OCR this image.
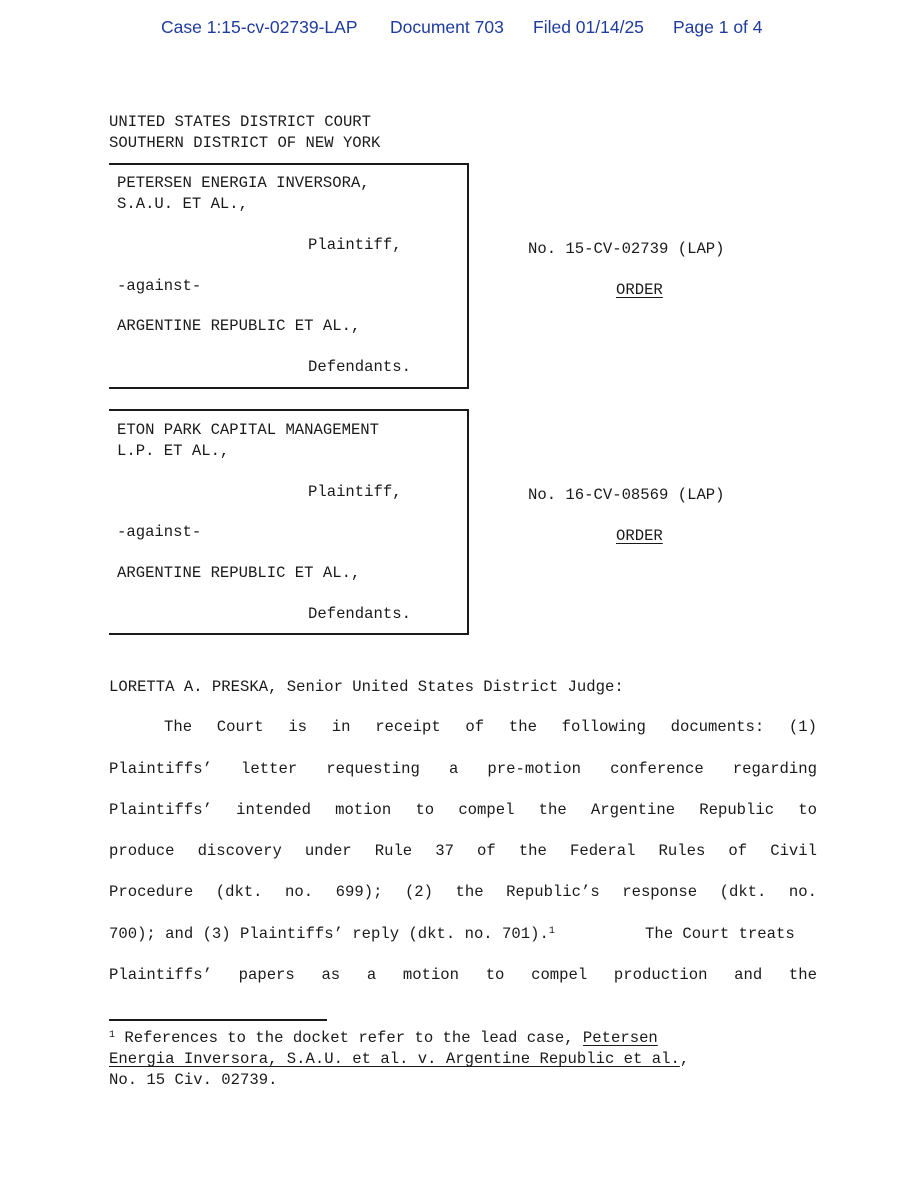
Case 1:15-cv-02739-LAP Document 703 Filed 01/14/25 Page 1 of 4
UNITED STATES DISTRICT COURT
SOUTHERN DISTRICT OF NEW YORK
PETERSEN ENERGIA INVERSORA,
S.A.U. ET AL.,
Plaintiff,
-against-
ARGENTINE REPUBLIC ET AL.,
Defendants.
No. 15-CV-02739 (LAP)
ORDER
ETON PARK CAPITAL MANAGEMENT
L.P. ET AL.,
Plaintiff,
-against-
ARGENTINE REPUBLIC ET AL.,
Defendants.
No. 16-CV-08569 (LAP)
ORDER
LORETTA A. PRESKA, Senior United States District Judge:
The Court is in receipt of the following documents: (1)
Plaintiffs’ letter requesting a pre-motion conference regarding
Plaintiffs’ intended motion to compel the Argentine Republic to
produce discovery under Rule 37 of the Federal Rules of Civil
Procedure (dkt. no. 699); (2) the Republic’s response (dkt. no.
700); and (3) Plaintiffs’ reply (dkt. no. 701).$^1$	The Court treats
Plaintiffs’ papers as a motion to compel production and the
$^1$ References to the docket refer to the lead case, Petersen
Energia Inversora, S.A.U. et al. v. Argentine Republic et al.,
No. 15 Civ. 02739.
